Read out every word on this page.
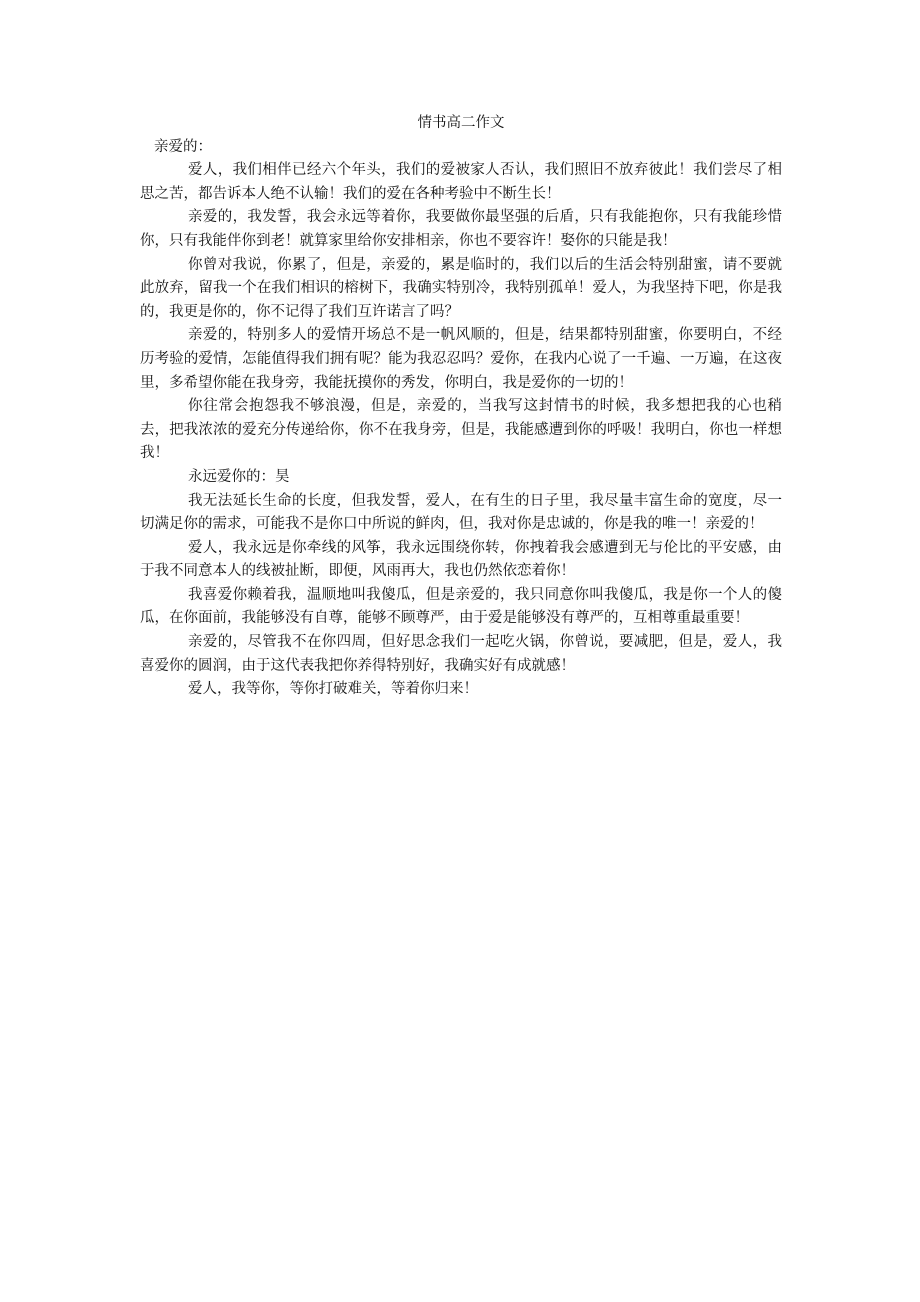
情书高二作文

亲爱的：

爱人，我们相伴已经六个年头，我们的爱被家人否认，我们照旧不放弃彼此！我们尝尽了相思之苦，都告诉本人绝不认输！我们的爱在各种考验中不断生长！

亲爱的，我发誓，我会永远等着你，我要做你最坚强的后盾，只有我能抱你，只有我能珍惜你，只有我能伴你到老！就算家里给你安排相亲，你也不要容许！娶你的只能是我！

你曾对我说，你累了，但是，亲爱的，累是临时的，我们以后的生活会特别甜蜜，请不要就此放弃，留我一个在我们相识的榕树下，我确实特别冷，我特别孤单！爱人，为我坚持下吧，你是我的，我更是你的，你不记得了我们互许诺言了吗？

亲爱的，特别多人的爱情开场总不是一帆风顺的，但是，结果都特别甜蜜，你要明白，不经历考验的爱情，怎能值得我们拥有呢？能为我忍忍吗？爱你，在我内心说了一千遍、一万遍，在这夜里，多希望你能在我身旁，我能抚摸你的秀发，你明白，我是爱你的一切的！

你往常会抱怨我不够浪漫，但是，亲爱的，当我写这封情书的时候，我多想把我的心也稍去，把我浓浓的爱充分传递给你，你不在我身旁，但是，我能感遭到你的呼吸！我明白，你也一样想我！

永远爱你的：昊

我无法延长生命的长度，但我发誓，爱人，在有生的日子里，我尽量丰富生命的宽度，尽一切满足你的需求，可能我不是你口中所说的鲜肉，但，我对你是忠诚的，你是我的唯一！亲爱的！

爱人，我永远是你牵线的风筝，我永远围绕你转，你拽着我会感遭到无与伦比的平安感，由于我不同意本人的线被扯断，即便，风雨再大，我也仍然依恋着你！

我喜爱你赖着我，温顺地叫我傻瓜，但是亲爱的，我只同意你叫我傻瓜，我是你一个人的傻瓜，在你面前，我能够没有自尊，能够不顾尊严，由于爱是能够没有尊严的，互相尊重最重要！

亲爱的，尽管我不在你四周，但好思念我们一起吃火锅，你曾说，要减肥，但是，爱人，我喜爱你的圆润，由于这代表我把你养得特别好，我确实好有成就感！

爱人，我等你，等你打破难关，等着你归来！
